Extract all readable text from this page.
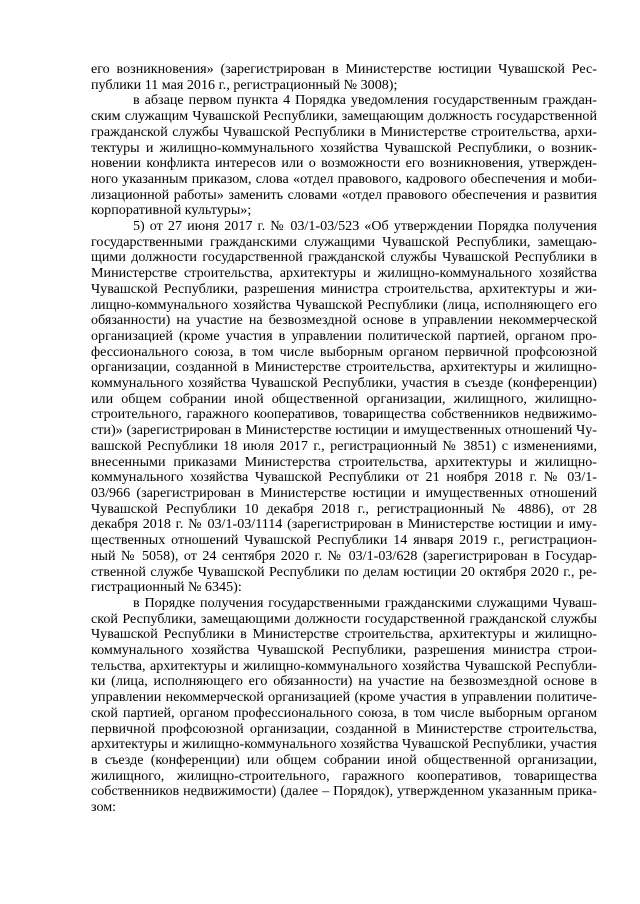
его возникновения» (зарегистрирован в Министерстве юстиции Чувашской Республики 11 мая 2016 г., регистрационный № 3008);

в абзаце первом пункта 4 Порядка уведомления государственным гражданским служащим Чувашской Республики, замещающим должность государственной гражданской службы Чувашской Республики в Министерстве строительства, архитектуры и жилищно-коммунального хозяйства Чувашской Республики, о возникновении конфликта интересов или о возможности его возникновения, утвержденного указанным приказом, слова «отдел правового, кадрового обеспечения и мобилизационной работы» заменить словами «отдел правового обеспечения и развития корпоративной культуры»;

5) от 27 июня 2017 г. № 03/1-03/523 «Об утверждении Порядка получения государственными гражданскими служащими Чувашской Республики, замещающими должности государственной гражданской службы Чувашской Республики в Министерстве строительства, архитектуры и жилищно-коммунального хозяйства Чувашской Республики, разрешения министра строительства, архитектуры и жилищно-коммунального хозяйства Чувашской Республики (лица, исполняющего его обязанности) на участие на безвозмездной основе в управлении некоммерческой организацией (кроме участия в управлении политической партией, органом профессионального союза, в том числе выборным органом первичной профсоюзной организации, созданной в Министерстве строительства, архитектуры и жилищно-коммунального хозяйства Чувашской Республики, участия в съезде (конференции) или общем собрании иной общественной организации, жилищного, жилищно-строительного, гаражного кооперативов, товарищества собственников недвижимости)» (зарегистрирован в Министерстве юстиции и имущественных отношений Чувашской Республики 18 июля 2017 г., регистрационный № 3851) с изменениями, внесенными приказами Министерства строительства, архитектуры и жилищно-коммунального хозяйства Чувашской Республики от 21 ноября 2018 г. № 03/1-03/966 (зарегистрирован в Министерстве юстиции и имущественных отношений Чувашской Республики 10 декабря 2018 г., регистрационный № 4886), от 28 декабря 2018 г. № 03/1-03/1114 (зарегистрирован в Министерстве юстиции и имущественных отношений Чувашской Республики 14 января 2019 г., регистрационный № 5058), от 24 сентября 2020 г. № 03/1-03/628 (зарегистрирован в Государственной службе Чувашской Республики по делам юстиции 20 октября 2020 г., регистрационный № 6345):

в Порядке получения государственными гражданскими служащими Чувашской Республики, замещающими должности государственной гражданской службы Чувашской Республики в Министерстве строительства, архитектуры и жилищно-коммунального хозяйства Чувашской Республики, разрешения министра строительства, архитектуры и жилищно-коммунального хозяйства Чувашской Республики (лица, исполняющего его обязанности) на участие на безвозмездной основе в управлении некоммерческой организацией (кроме участия в управлении политической партией, органом профессионального союза, в том числе выборным органом первичной профсоюзной организации, созданной в Министерстве строительства, архитектуры и жилищно-коммунального хозяйства Чувашской Республики, участия в съезде (конференции) или общем собрании иной общественной организации, жилищного, жилищно-строительного, гаражного кооперативов, товарищества собственников недвижимости) (далее – Порядок), утвержденном указанным приказом:
